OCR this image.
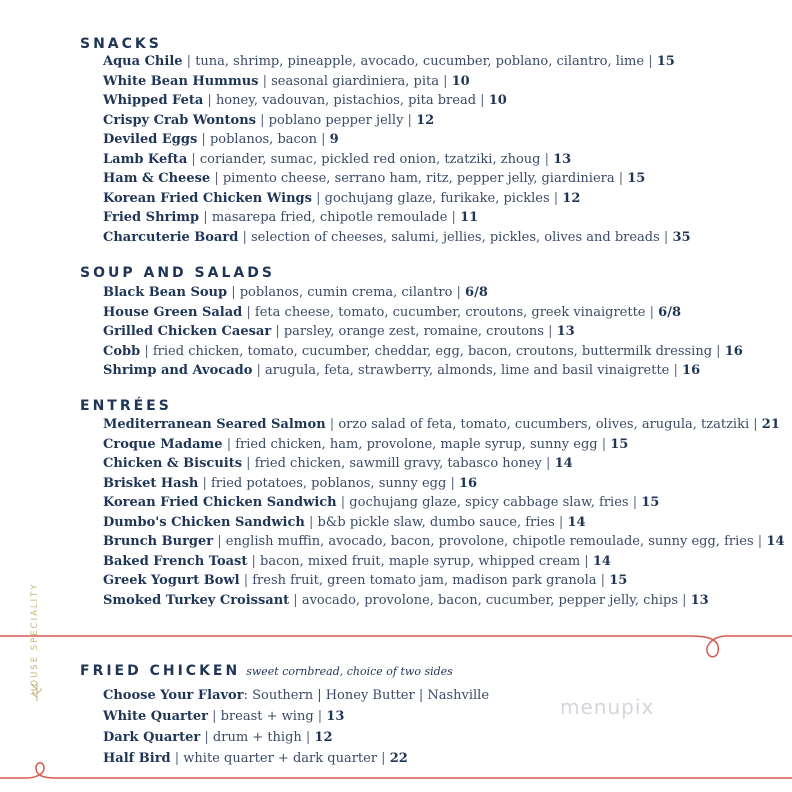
SNACKS
Aqua Chile | tuna, shrimp, pineapple, avocado, cucumber, poblano, cilantro, lime | 15
White Bean Hummus | seasonal giardiniera, pita | 10
Whipped Feta | honey, vadouvan, pistachios, pita bread | 10
Crispy Crab Wontons | poblano pepper jelly | 12
Deviled Eggs | poblanos, bacon | 9
Lamb Kefta | coriander, sumac, pickled red onion, tzatziki, zhoug | 13
Ham & Cheese | pimento cheese, serrano ham, ritz, pepper jelly, giardiniera | 15
Korean Fried Chicken Wings | gochujang glaze, furikake, pickles | 12
Fried Shrimp | masarepa fried, chipotle remoulade | 11
Charcuterie Board | selection of cheeses, salumi, jellies, pickles, olives and breads | 35
SOUP AND SALADS
Black Bean Soup | poblanos, cumin crema, cilantro | 6/8
House Green Salad | feta cheese, tomato, cucumber, croutons, greek vinaigrette | 6/8
Grilled Chicken Caesar | parsley, orange zest, romaine, croutons | 13
Cobb | fried chicken, tomato, cucumber, cheddar, egg, bacon, croutons, buttermilk dressing | 16
Shrimp and Avocado | arugula, feta, strawberry, almonds, lime and basil vinaigrette | 16
ENTRÉES
Mediterranean Seared Salmon | orzo salad of feta, tomato, cucumbers, olives, arugula, tzatziki | 21
Croque Madame | fried chicken, ham, provolone, maple syrup, sunny egg | 15
Chicken & Biscuits | fried chicken, sawmill gravy, tabasco honey | 14
Brisket Hash | fried potatoes, poblanos, sunny egg | 16
Korean Fried Chicken Sandwich | gochujang glaze, spicy cabbage slaw, fries | 15
Dumbo's Chicken Sandwich | b&b pickle slaw, dumbo sauce, fries | 14
Brunch Burger | english muffin, avocado, bacon, provolone, chipotle remoulade, sunny egg, fries | 14
Baked French Toast | bacon, mixed fruit, maple syrup, whipped cream | 14
Greek Yogurt Bowl | fresh fruit, green tomato jam, madison park granola | 15
Smoked Turkey Croissant | avocado, provolone, bacon, cucumber, pepper jelly, chips | 13
HOUSE SPECIALITY	FRIED CHICKEN sweet cornbread, choice of two sides
Choose Your Flavor: Southern | Honey Butter | Nashville
White Quarter | breast + wing | 13
Dark Quarter | drum + thigh | 12
Half Bird | white quarter + dark quarter | 22
menupix
